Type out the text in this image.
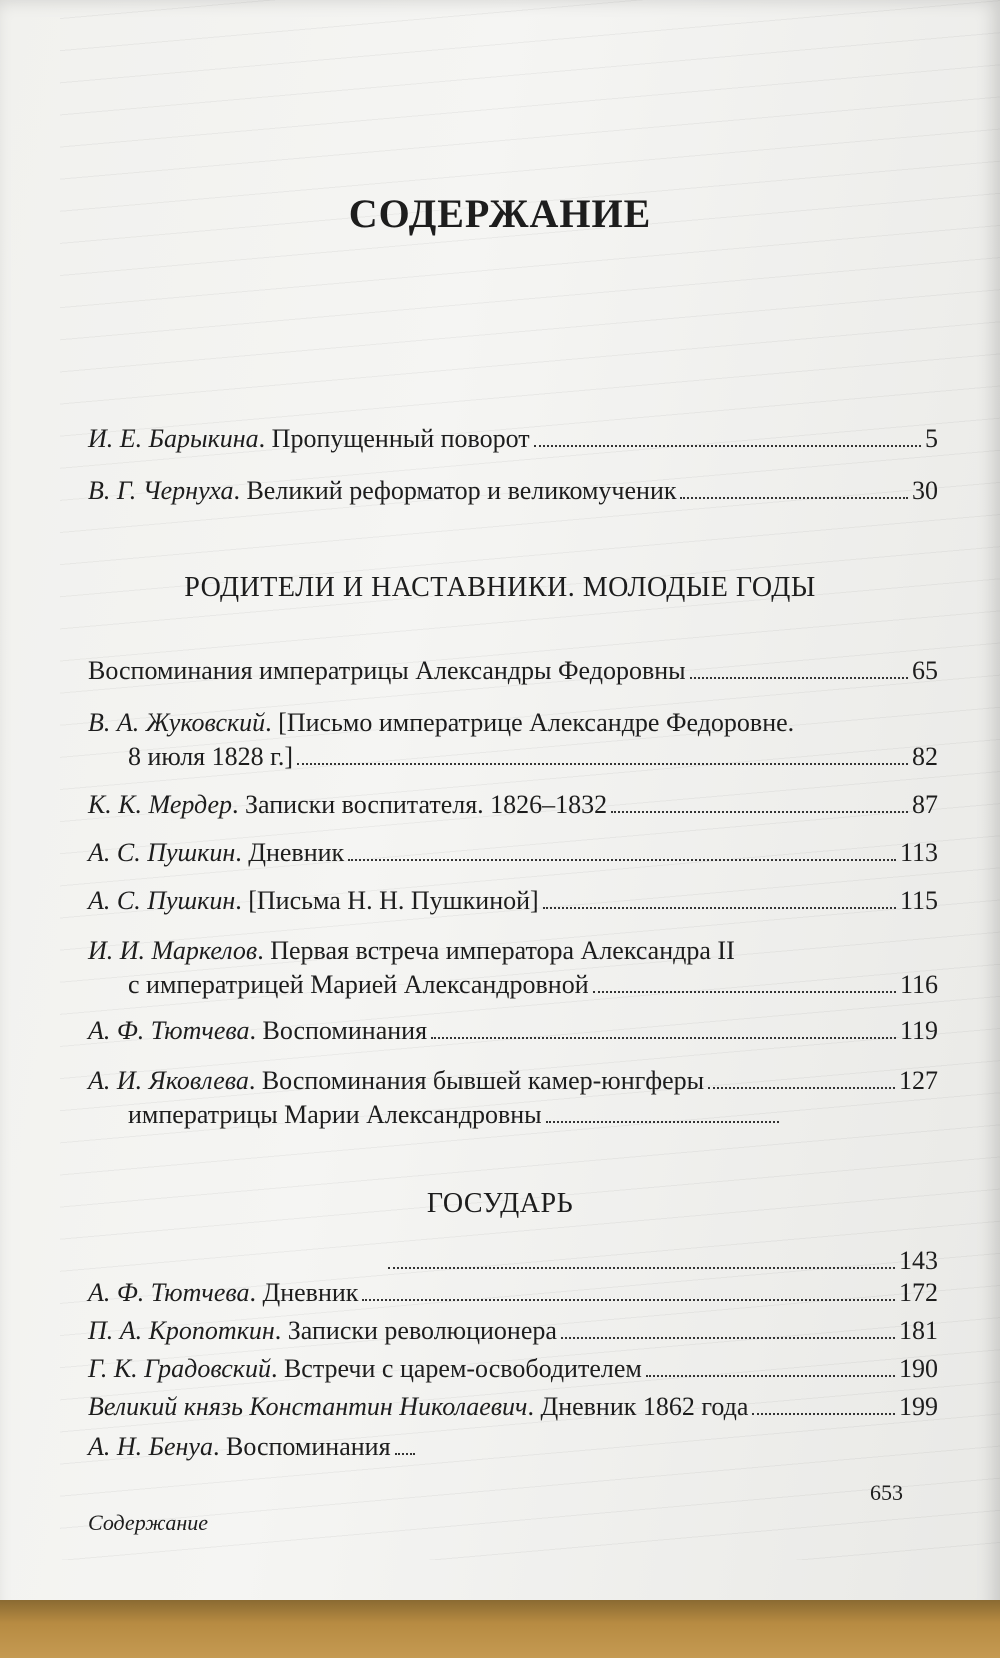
СОДЕРЖАНИЕ
И. Е. Барыкина. Пропущенный поворот	5
В. Г. Чернуха. Великий реформатор и великомученик	30
РОДИТЕЛИ И НАСТАВНИКИ. МОЛОДЫЕ ГОДЫ
Воспоминания императрицы Александры Федоровны	65
В. А. Жуковский. [Письмо императрице Александре Федоровне.
8 июля 1828 г.]	82
К. К. Мердер. Записки воспитателя. 1826–1832	87
А. С. Пушкин. Дневник	113
А. С. Пушкин. [Письма Н. Н. Пушкиной]	115
И. И. Маркелов. Первая встреча императора Александра II
с императрицей Марией Александровной	116
А. Ф. Тютчева. Воспоминания	119
А. И. Яковлева. Воспоминания бывшей камер-юнгферы	127
императрицы Марии Александровны
ГОСУДАРЬ
143
А. Ф. Тютчева. Дневник	172
П. А. Кропоткин. Записки революционера	181
Г. К. Градовский. Встречи с царем-освободителем	190
Великий князь Константин Николаевич. Дневник 1862 года	199
А. Н. Бенуа. Воспоминания
653
Содержание
